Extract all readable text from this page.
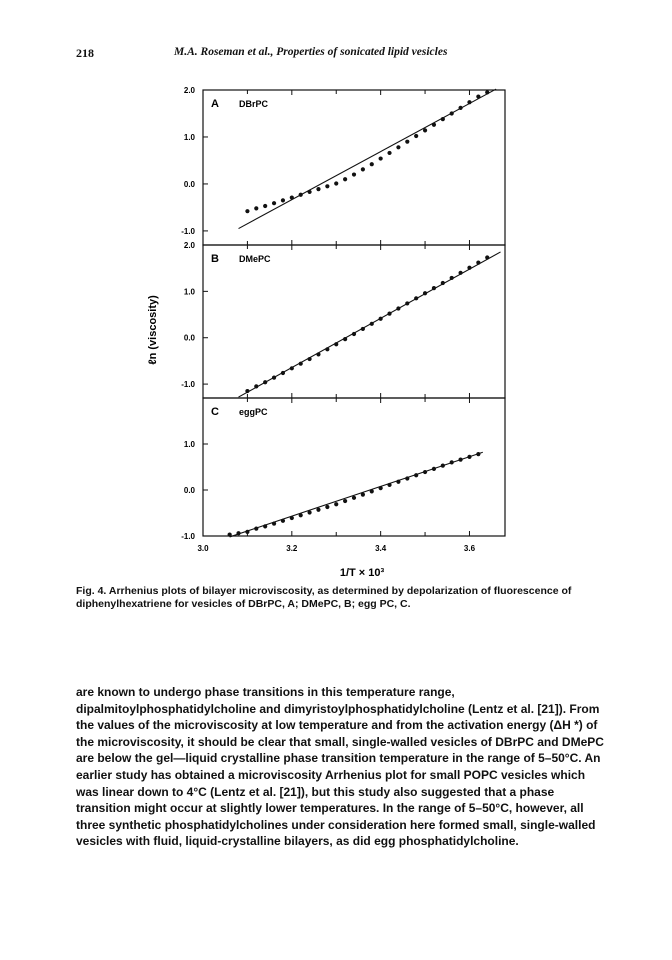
218	M.A. Roseman et al., Properties of sonicated lipid vesicles
A DBrPC
2.0
1.0
0.0
-1.0
B DMePC
2.0
1.0
0.0
-1.0
C eggPC
1.0
0.0
-1.0
3.0	3.2	3.4	3.6
ℓn (viscosity)
1/T × 10³
Fig. 4. Arrhenius plots of bilayer microviscosity, as determined by depolarization of fluorescence of diphenylhexatriene for vesicles of DBrPC, A; DMePC, B; egg PC, C.

are known to undergo phase transitions in this temperature range, dipalmitoylphosphatidylcholine and dimyristoylphosphatidylcholine (Lentz et al. [21]). From the values of the microviscosity at low temperature and from the activation energy (ΔH *) of the microviscosity, it should be clear that small, single-walled vesicles of DBrPC and DMePC are below the gel—liquid crystalline phase transition temperature in the range of 5–50°C. An earlier study has obtained a microviscosity Arrhenius plot for small POPC vesicles which was linear down to 4°C (Lentz et al. [21]), but this study also suggested that a phase transition might occur at slightly lower temperatures. In the range of 5–50°C, however, all three synthetic phosphatidylcholines under consideration here formed small, single-walled vesicles with fluid, liquid-crystalline bilayers, as did egg phosphatidylcholine.
